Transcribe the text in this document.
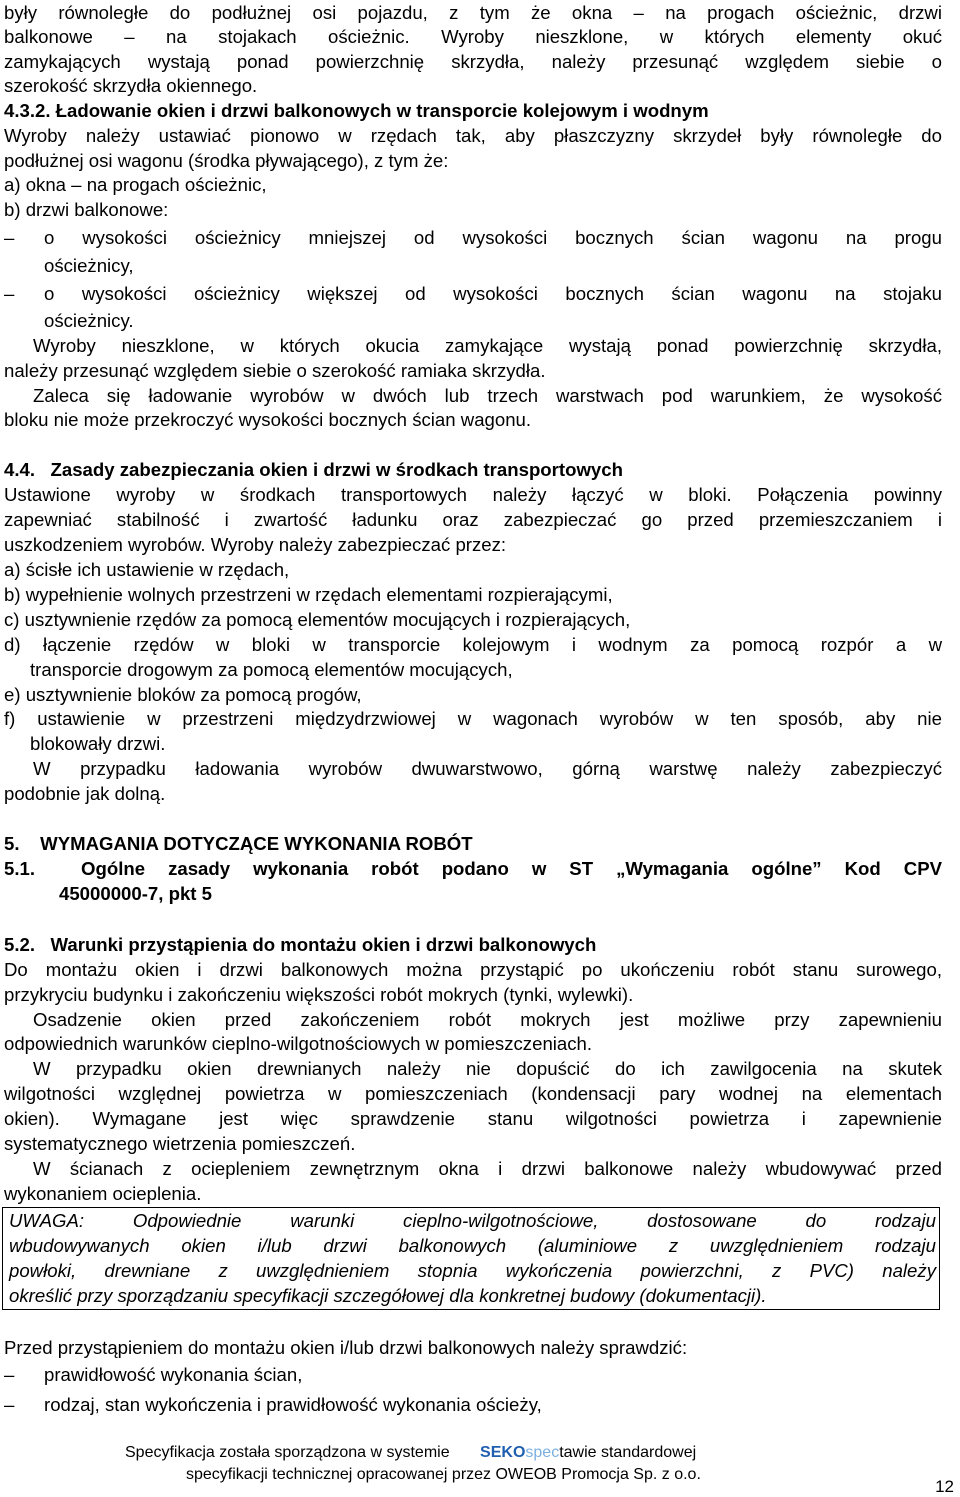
były równoległe do podłużnej osi pojazdu, z tym że okna – na progach ościeżnic, drzwi
balkonowe – na stojakach ościeżnic. Wyroby nieszklone, w których elementy okuć
zamykających wystają ponad powierzchnię skrzydła, należy przesunąć względem siebie o
szerokość skrzydła okiennego.
4.3.2. Ładowanie okien i drzwi balkonowych w transporcie kolejowym i wodnym
Wyroby należy ustawiać pionowo w rzędach tak, aby płaszczyzny skrzydeł były równoległe do
podłużnej osi wagonu (środka pływającego), z tym że:
a) okna – na progach ościeżnic,
b) drzwi balkonowe:
–	o wysokości ościeżnicy mniejszej od wysokości bocznych ścian wagonu na progu
ościeżnicy,
–	o wysokości ościeżnicy większej od wysokości bocznych ścian wagonu na stojaku
ościeżnicy.
Wyroby nieszklone, w których okucia zamykające wystają ponad powierzchnię skrzydła,
należy przesunąć względem siebie o szerokość ramiaka skrzydła.
Zaleca się ładowanie wyrobów w dwóch lub trzech warstwach pod warunkiem, że wysokość
bloku nie może przekroczyć wysokości bocznych ścian wagonu.
4.4.   Zasady zabezpieczania okien i drzwi w środkach transportowych
Ustawione wyroby w środkach transportowych należy łączyć w bloki. Połączenia powinny
zapewniać stabilność i zwartość ładunku oraz zabezpieczać go przed przemieszczaniem i
uszkodzeniem wyrobów. Wyroby należy zabezpieczać przez:
a) ścisłe ich ustawienie w rzędach,
b) wypełnienie wolnych przestrzeni w rzędach elementami rozpierającymi,
c) usztywnienie rzędów za pomocą elementów mocujących i rozpierających,
d) łączenie rzędów w bloki w transporcie kolejowym i wodnym za pomocą rozpór a w
transporcie drogowym za pomocą elementów mocujących,
e) usztywnienie bloków za pomocą progów,
f) ustawienie w przestrzeni międzydrzwiowej w wagonach wyrobów w ten sposób, aby nie
blokowały drzwi.
W przypadku ładowania wyrobów dwuwarstwowo, górną warstwę należy zabezpieczyć
podobnie jak dolną.
5.    WYMAGANIA DOTYCZĄCE WYKONANIA ROBÓT
5.1.  Ogólne zasady wykonania robót podano w ST „Wymagania ogólne” Kod CPV
45000000-7, pkt 5
5.2.   Warunki przystąpienia do montażu okien i drzwi balkonowych
Do montażu okien i drzwi balkonowych można przystąpić po ukończeniu robót stanu surowego,
przykryciu budynku i zakończeniu większości robót mokrych (tynki, wylewki).
Osadzenie okien przed zakończeniem robót mokrych jest możliwe przy zapewnieniu
odpowiednich warunków cieplno-wilgotnościowych w pomieszczeniach.
W przypadku okien drewnianych należy nie dopuścić do ich zawilgocenia na skutek
wilgotności względnej powietrza w pomieszczeniach (kondensacji pary wodnej na elementach
okien). Wymagane jest więc sprawdzenie stanu wilgotności powietrza i zapewnienie
systematycznego wietrzenia pomieszczeń.
W ścianach z ociepleniem zewnętrznym okna i drzwi balkonowe należy wbudowywać przed
wykonaniem ocieplenia.
UWAGA: Odpowiednie warunki cieplno-wilgotnościowe, dostosowane do rodzaju
wbudowywanych okien i/lub drzwi balkonowych (aluminiowe z uwzględnieniem rodzaju
powłoki, drewniane z uwzględnieniem stopnia wykończenia powierzchni, z PVC) należy
określić przy sporządzaniu specyfikacji szczegółowej dla konkretnej budowy (dokumentacji).
Przed przystąpieniem do montażu okien i/lub drzwi balkonowych należy sprawdzić:
–	prawidłowość wykonania ścian,
–	rodzaj, stan wykończenia i prawidłowość wykonania ościeży,
Specyfikacja została sporządzona w systemie SEKOspectawie standardowej
specyfikacji technicznej opracowanej przez OWEOB Promocja Sp. z o.o.
12
